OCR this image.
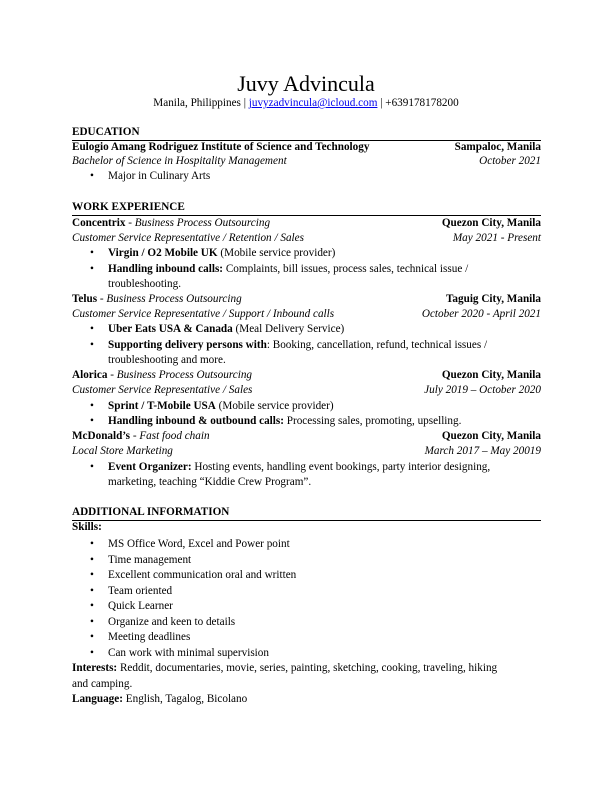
Juvy Advincula
Manila, Philippines | juvyzadvincula@icloud.com | +639178178200
EDUCATION
Eulogio Amang Rodriguez Institute of Science and Technology	Sampaloc, Manila
Bachelor of Science in Hospitality Management	October 2021
•	Major in Culinary Arts
WORK EXPERIENCE
Concentrix - Business Process Outsourcing	Quezon City, Manila
Customer Service Representative / Retention / Sales	May 2021 - Present
•	Virgin / O2 Mobile UK (Mobile service provider)
•	Handling inbound calls: Complaints, bill issues, process sales, technical issue /
troubleshooting.
Telus - Business Process Outsourcing	Taguig City, Manila
Customer Service Representative / Support / Inbound calls	October 2020 - April 2021
•	Uber Eats USA & Canada (Meal Delivery Service)
•	Supporting delivery persons with: Booking, cancellation, refund, technical issues /
troubleshooting and more.
Alorica - Business Process Outsourcing	Quezon City, Manila
Customer Service Representative / Sales	July 2019 – October 2020
•	Sprint / T-Mobile USA (Mobile service provider)
•	Handling inbound & outbound calls: Processing sales, promoting, upselling.
McDonald’s - Fast food chain	Quezon City, Manila
Local Store Marketing	March 2017 – May 20019
•	Event Organizer: Hosting events, handling event bookings, party interior designing,
marketing, teaching “Kiddie Crew Program”.
ADDITIONAL INFORMATION
Skills:
•	MS Office Word, Excel and Power point
•	Time management
•	Excellent communication oral and written
•	Team oriented
•	Quick Learner
•	Organize and keen to details
•	Meeting deadlines
•	Can work with minimal supervision
Interests: Reddit, documentaries, movie, series, painting, sketching, cooking, traveling, hiking
and camping.
Language: English, Tagalog, Bicolano
